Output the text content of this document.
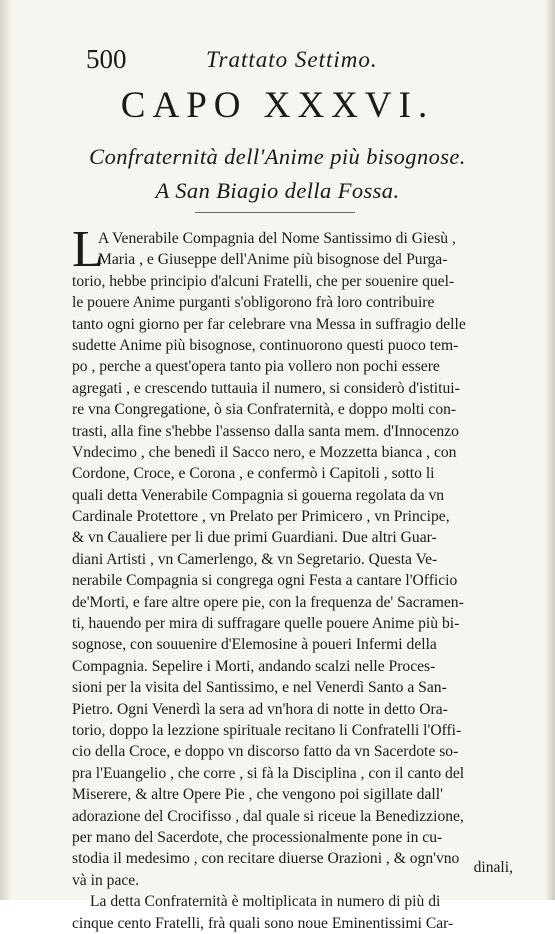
500	Trattato Settimo.
CAPO XXXVI.
Confraternità dell'Anime più bisognose.
A San Biagio della Fossa.
L
A Venerabile Compagnia del Nome Santissimo di Giesù ,
Maria , e Giuseppe dell'Anime più bisognose del Purga-
torio, hebbe principio d'alcuni Fratelli, che per souenire quel-
le pouere Anime purganti s'obligorono frà loro contribuire
tanto ogni giorno per far celebrare vna Messa in suffragio delle
sudette Anime più bisognose, continuorono questi puoco tem-
po , perche a quest'opera tanto pia vollero non pochi essere
agregati , e crescendo tuttauia il numero, si considerò d'istitui-
re vna Congregatione, ò sia Confraternità, e doppo molti con-
trasti, alla fine s'hebbe l'assenso dalla santa mem. d'Innocenzo
Vndecimo , che benedì il Sacco nero, e Mozzetta bianca , con
Cordone, Croce, e Corona , e confermò i Capitoli , sotto li
quali detta Venerabile Compagnia si gouerna regolata da vn
Cardinale Protettore , vn Prelato per Primicero , vn Principe,
& vn Caualiere per li due primi Guardiani. Due altri Guar-
diani Artisti , vn Camerlengo, & vn Segretario. Questa Ve-
nerabile Compagnia si congrega ogni Festa a cantare l'Officio
de'Morti, e fare altre opere pie, con la frequenza de' Sacramen-
ti, hauendo per mira di suffragare quelle pouere Anime più bi-
sognose, con souuenire d'Elemosine à poueri Infermi della
Compagnia. Sepelire i Morti, andando scalzi nelle Proces-
sioni per la visita del Santissimo, e nel Venerdì Santo a San-
Pietro. Ogni Venerdì la sera ad vn'hora di notte in detto Ora-
torio, doppo la lezzione spirituale recitano li Confratelli l'Offi-
cio della Croce, e doppo vn discorso fatto da vn Sacerdote so-
pra l'Euangelio , che corre , si fà la Disciplina , con il canto del
Miserere, & altre Opere Pie , che vengono poi sigillate dall'
adorazione del Crocifisso , dal quale si riceue la Benedizzione,
per mano del Sacerdote, che processionalmente pone in cu-
stodia il medesimo , con recitare diuerse Orazioni , & ogn'vno
và in pace.
La detta Confraternità è moltiplicata in numero di più di
cinque cento Fratelli, frà quali sono noue Eminentissimi Car-
dinali,
